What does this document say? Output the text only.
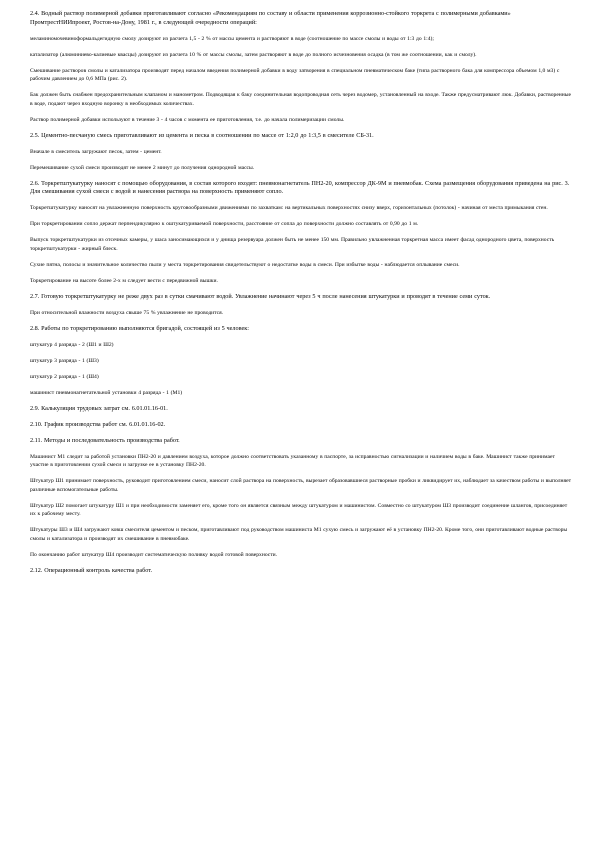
2.4. Водный раствор полимерной добавки приготавливают согласно «Рекомендациям по составу и области применения коррозионно-стойкого торкрета с полимерными добавками» ПромтрестНИИпроект, Ростов-на-Дону, 1981 г., в следующей очередности операций:

меламиномочевиноформальдегидную смолу дозируют из расчета 1,5 - 2 % от массы цемента и растворяют в воде (соотношение по массе смолы и воды от 1:3 до 1:4);

катализатор (алюминиево-калиевые квасцы) дозируют из расчета 10 % от массы смолы, затем растворяют в воде до полного исчезновения осадка (в том же соотношении, как и смолу).

Смешивание растворов смолы и катализатора производят перед началом введения полимерной добавки в воду затворения в специальном пневматическом баке (типа растворного бака для компрессора объемом 1,0 м3) с рабочим давлением до 0,6 МПа (рис. 2).

Бак должен быть снабжен предохранительным клапаном и манометром. Подводящая к баку соединительная водопроводная сеть через водомер, установленный на входе. Также предусматривают люк. Добавки, растворенные в воде, подают через входную воронку в необходимых количествах.

Раствор полимерной добавки используют в течение 3 - 4 часов с момента ее приготовления, т.е. до начала полимеризации смолы.

2.5. Цементно-песчаную смесь приготавливают из цемента и песка в соотношении по массе от 1:2,0 до 1:3,5 в смесителе СБ-31.

Вначале в смеситель загружают песок, затем - цемент.

Перемешивание сухой смеси производят не менее 2 минут до получения однородной массы.

2.6. Торкретштукатурку наносят с помощью оборудования, в состав которого входят: пневмонагнетатель ПН2-20, компрессор ДК-9М и пневмобак. Схема размещения оборудования приведена на рис. 3. Для смешивания сухой смеси с водой и нанесения раствора на поверхность применяют сопло.

Торкретштукатурку наносят на увлажненную поверхность круговообразными движениями по захваткам: на вертикальных поверхностях снизу вверх, горизонтальных (потолок) - начиная от места примыкания стен.

При торкретировании сопло держат перпендикулярно к оштукатуриваемой поверхности, расстояние от сопла до поверхности должно составлять от 0,90 до 1 м.

Выпуск торкретштукатурки из отсечных камеры, у шаса заносимающихся и у днища резервуара должен быть не менее 150 мм. Правильно увлажненная торкретная масса имеет фасад однородного цвета, поверхность торкретштукатурки - жирный блеск.

Сухие пятна, полосы и значительное количество пыли у места торкретирования свидетельствуют о недостатке воды в смеси. При избытке воды - наблюдается оплывание смеси.

Торкретирование на высоте более 2-х м следует вести с передвижной вышки.

2.7. Готовую торкретштукатурку не реже двух раз в сутки смачивают водой. Увлажнение начинают через 5 ч после нанесения штукатурки и проводят в течение семи суток.

При относительной влажности воздуха свыше 75 % увлажнение не проводится.

2.8. Работы по торкретированию выполняются бригадой, состоящей из 5 человек:

штукатур 4 разряда - 2 (Ш1 и Ш2)

штукатур 3 разряда - 1 (Ш3)

штукатур 2 разряда - 1 (Ш4)

машинист пневмонагнетательной установки 4 разряда - 1 (М1)

2.9. Калькуляция трудовых затрат см. 6.01.01.16-01.

2.10. График производства работ см. 6.01.01.16-02.

2.11. Методы и последовательность производства работ.

Машинист М1 следит за работой установки ПН2-20 и давлением воздуха, которое должно соответствовать указанному в паспорте, за исправностью сигнализации и наличием воды в баке. Машинист также принимает участие в приготовлении сухой смеси и загрузке ее в установку ПН2-20.

Штукатур Ш1 принимает поверхность, руководит приготовлением смеси, наносит слой раствора на поверхность, вырезает образовавшиеся растворные пробки и ликвидирует их, наблюдает за качеством работы и выполняет различные вспомогательные работы.

Штукатур Ш2 помогает штукатуру Ш1 и при необходимости заменяет его, кроме того он является связным между штукатуром и машинистом. Совместно со штукатуром Ш3 производит соединение шлангов, присоединяет их к рабочему месту.

Штукатуры Ш3 и Ш4 загружают ковш смесителя цементом и песком, приготавливают под руководством машиниста М1 сухую смесь и загружают её в установку ПН2-20. Кроме того, они приготавливают водные растворы смолы и катализатора и производят их смешивание в пневмобаке.

По окончанию работ штукатур Ш4 производит систематическую поливку водой готовой поверхности.

2.12. Операционный контроль качества работ.
